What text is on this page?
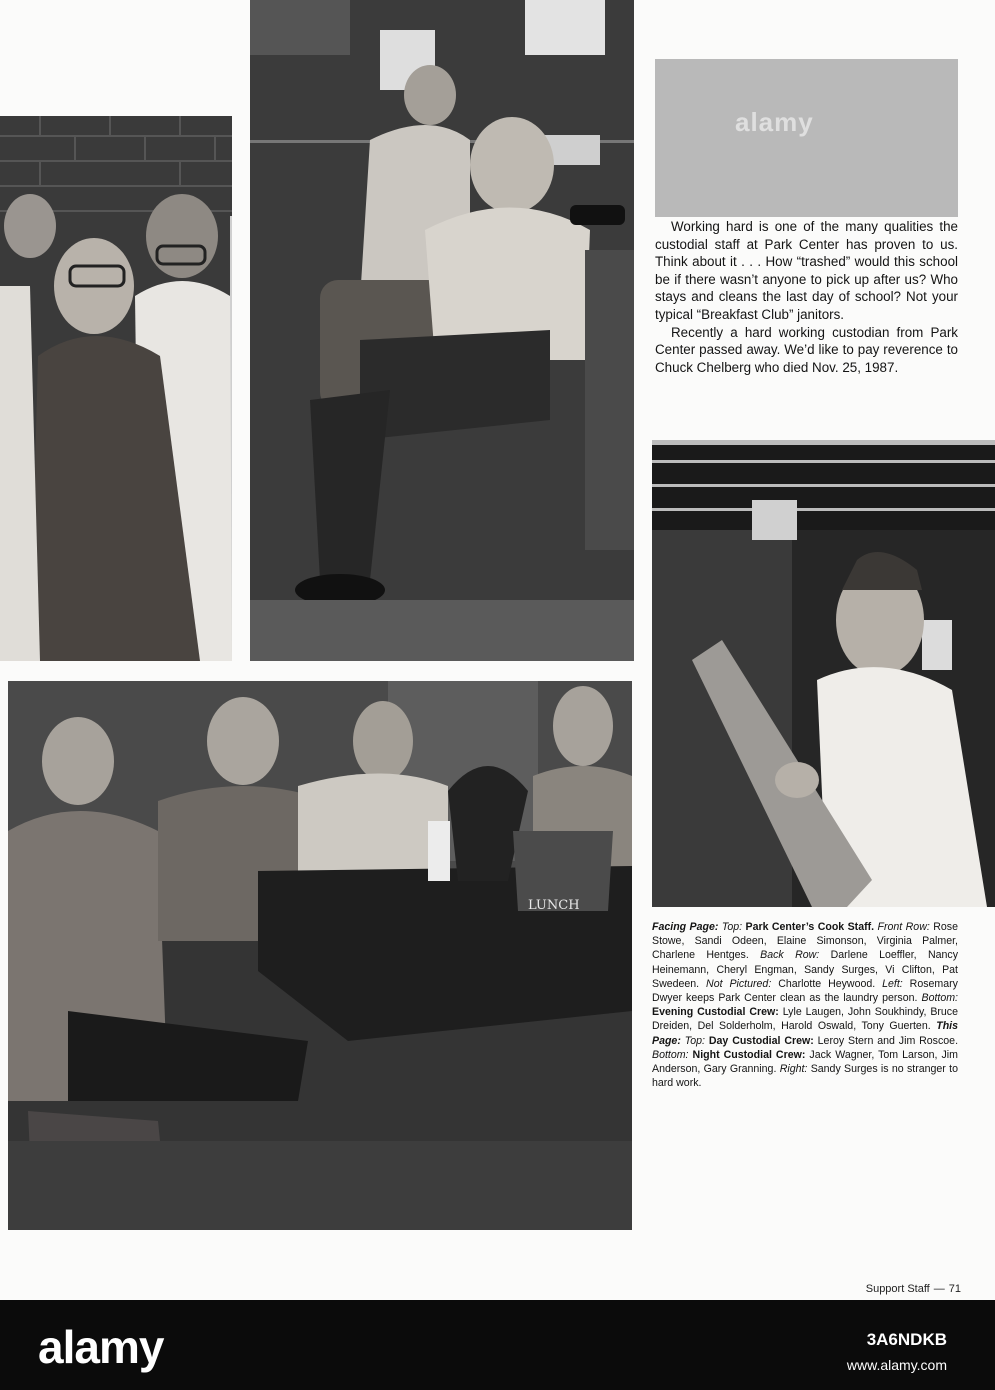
alamy

Working hard is one of the many qualities the custodial staff at Park Center has proven to us. Think about it . . . How “trashed” would this school be if there wasn’t anyone to pick up after us? Who stays and cleans the last day of school? Not your typical “Breakfast Club” janitors.

Recently a hard working custodian from Park Center passed away. We’d like to pay reverence to Chuck Chelberg who died Nov. 25, 1987.

LUNCH
Facing Page: Top: Park Center’s Cook Staff. Front Row: Rose Stowe, Sandi Odeen, Elaine Simonson, Virginia Palmer, Charlene Hentges. Back Row: Darlene Loeffler, Nancy Heinemann, Cheryl Engman, Sandy Surges, Vi Clifton, Pat Swedeen. Not Pictured: Charlotte Heywood. Left: Rosemary Dwyer keeps Park Center clean as the laundry person. Bottom: Evening Custodial Crew: Lyle Laugen, John Soukhindy, Bruce Dreiden, Del Solderholm, Harold Oswald, Tony Guerten. This Page: Top: Day Custodial Crew: Leroy Stern and Jim Roscoe. Bottom: Night Custodial Crew: Jack Wagner, Tom Larson, Jim Anderson, Gary Granning. Right: Sandy Surges is no stranger to hard work.
Support Staff — 71
alamy	3A6NDKB
www.alamy.com
